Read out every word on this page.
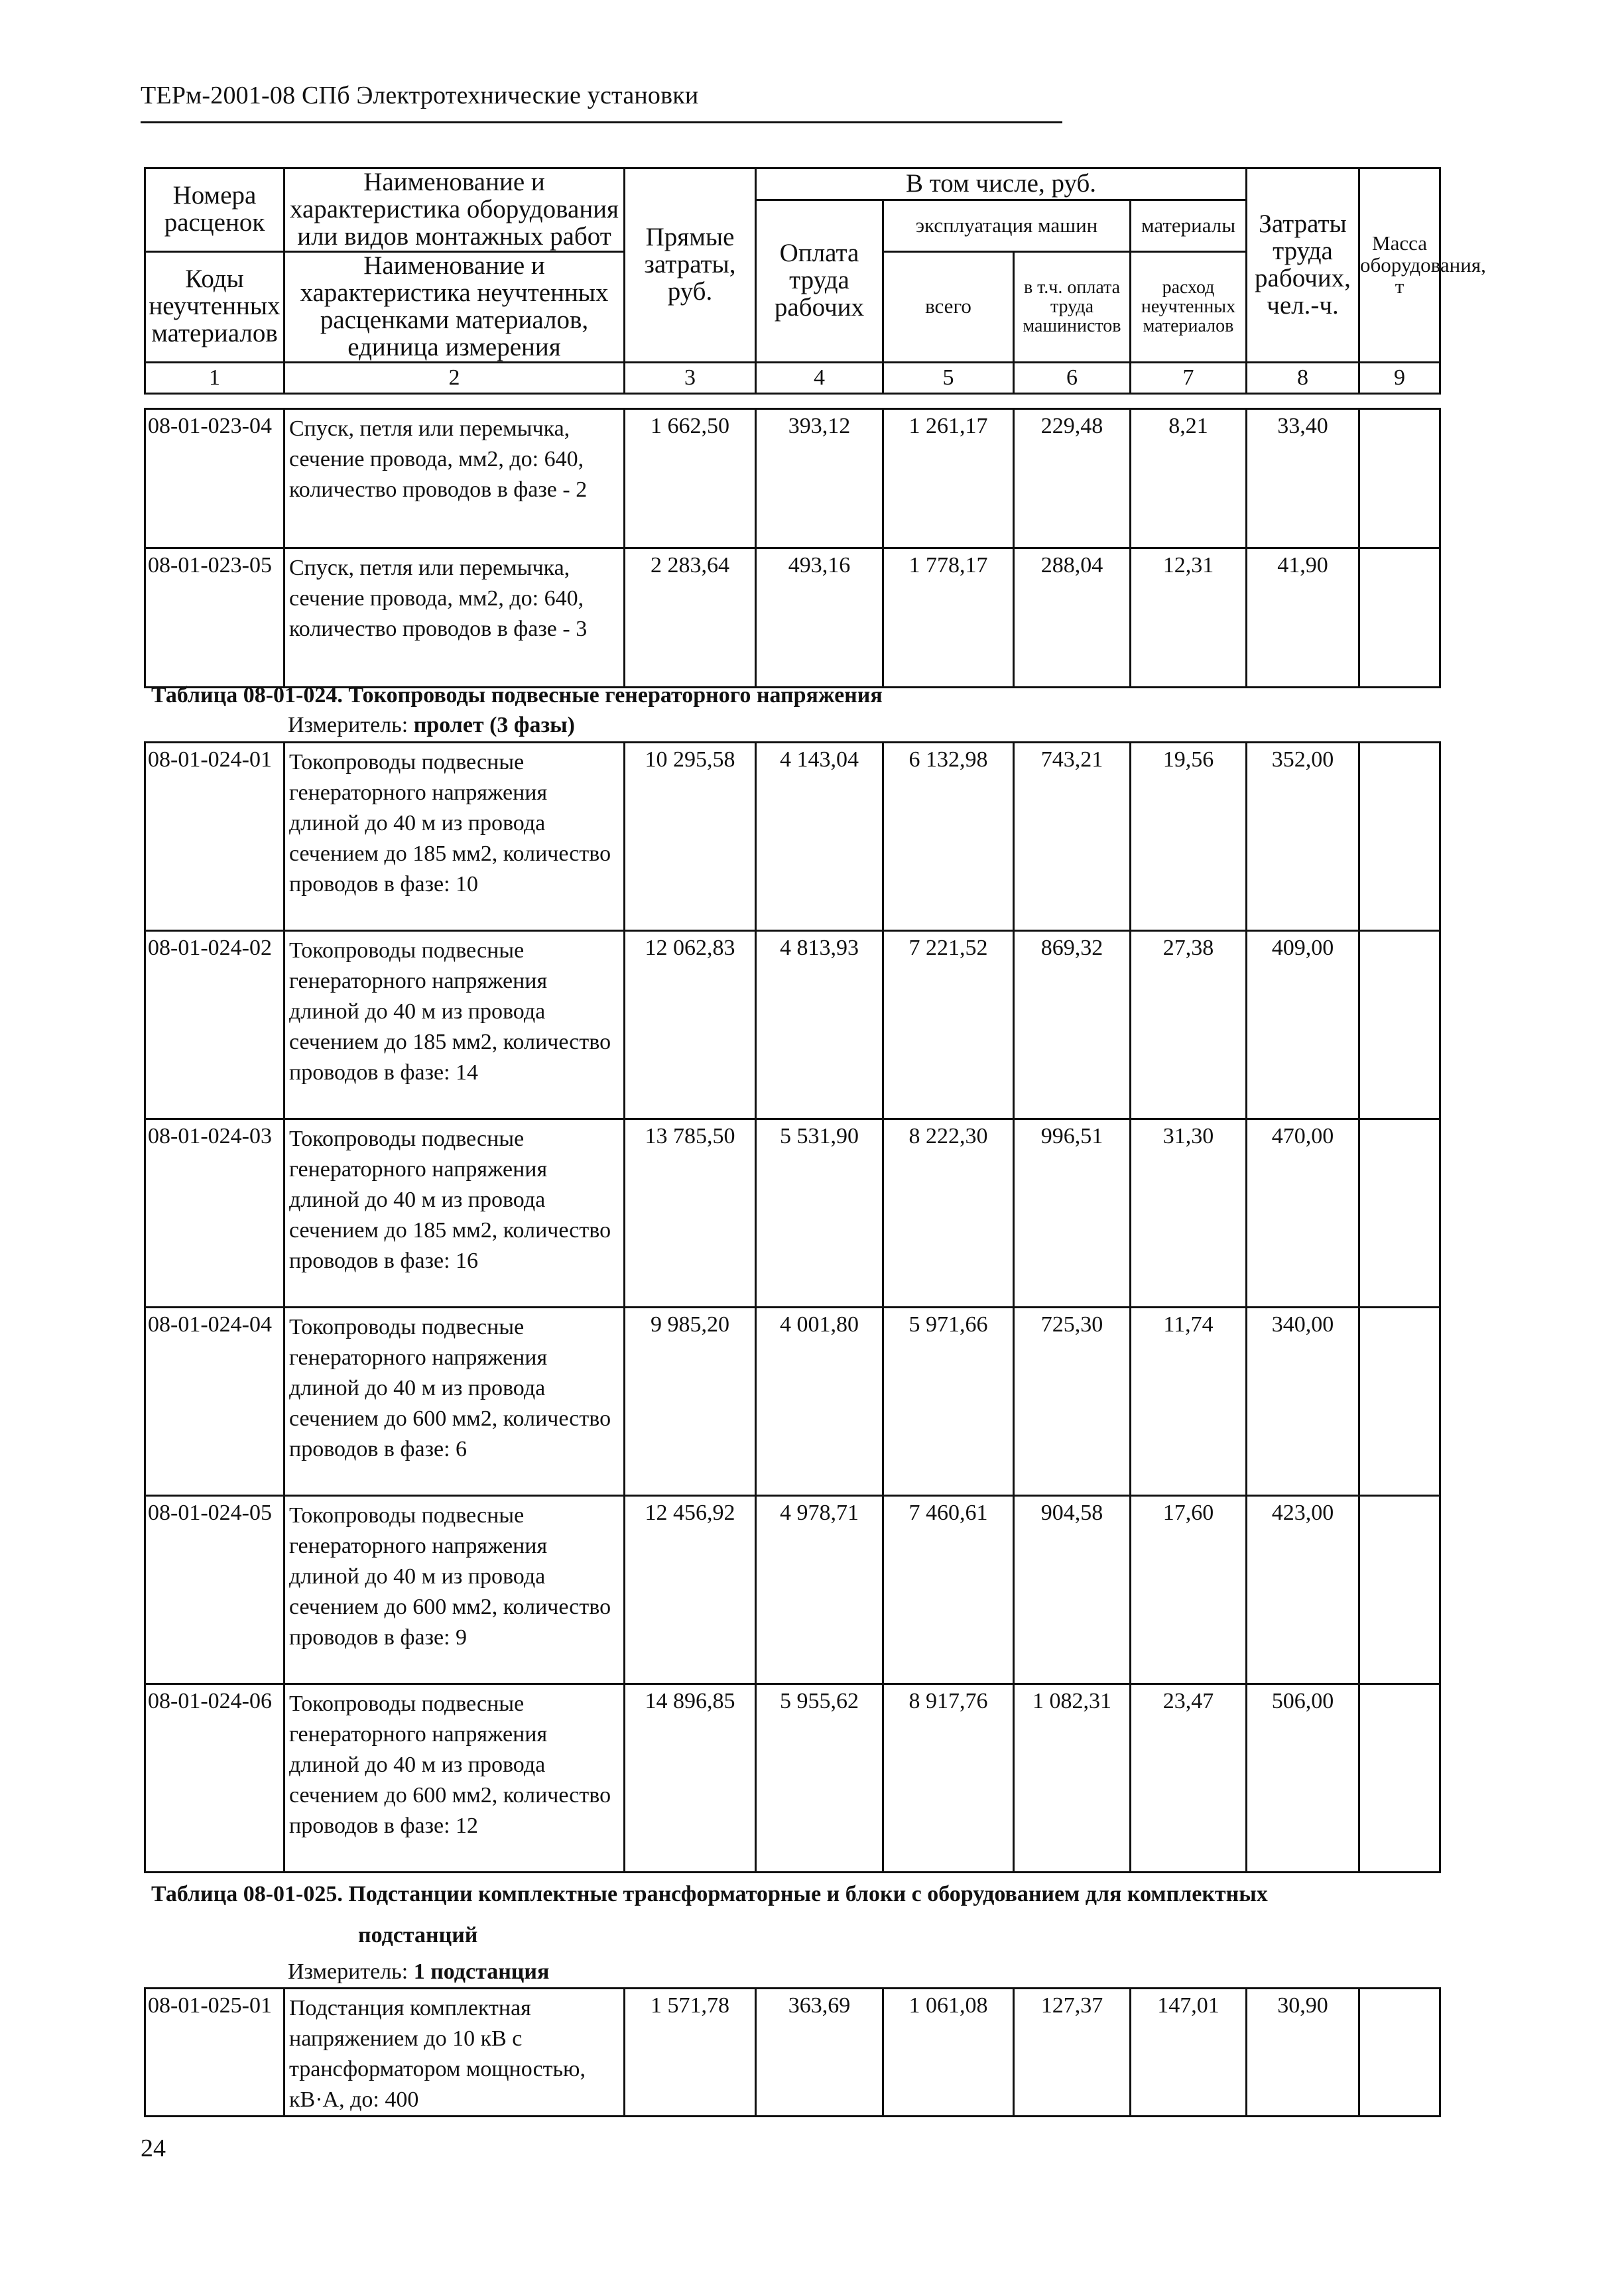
ТЕРм-2001-08 СПб Электротехнические установки
Номера расценок	Наименование и характеристика оборудования или видов монтажных работ	Прямые затраты, руб.	В том числе, руб.				Затраты труда рабочих, чел.-ч.	Масса оборудования, т
			Оплата труда рабочих	эксплуатация машин		материалы		
Коды неучтенных материалов	Наименование и характеристика неучтенных расценками материалов, единица измерения			всего	в т.ч. оплата труда машинистов	расход неучтенных материалов		

1	2	3	4	5	6	7	8	9
08-01-023-04	Спуск, петля или перемычка, сечение провода, мм2, до: 640, количество проводов в фазе - 2	1 662,50	393,12	1 261,17	229,48	8,21	33,40	
08-01-023-05	Спуск, петля или перемычка, сечение провода, мм2, до: 640, количество проводов в фазе - 3	2 283,64	493,16	1 778,17	288,04	12,31	41,90	
Таблица 08-01-024. Токопроводы подвесные генераторного напряжения
Измеритель: пролет (3 фазы)
08-01-024-01	Токопроводы подвесные генераторного напряжения длиной до 40 м из провода сечением до 185 мм2, количество проводов в фазе: 10	10 295,58	4 143,04	6 132,98	743,21	19,56	352,00	
08-01-024-02	Токопроводы подвесные генераторного напряжения длиной до 40 м из провода сечением до 185 мм2, количество проводов в фазе: 14	12 062,83	4 813,93	7 221,52	869,32	27,38	409,00	
08-01-024-03	Токопроводы подвесные генераторного напряжения длиной до 40 м из провода сечением до 185 мм2, количество проводов в фазе: 16	13 785,50	5 531,90	8 222,30	996,51	31,30	470,00	
08-01-024-04	Токопроводы подвесные генераторного напряжения длиной до 40 м из провода сечением до 600 мм2, количество проводов в фазе: 6	9 985,20	4 001,80	5 971,66	725,30	11,74	340,00	
08-01-024-05	Токопроводы подвесные генераторного напряжения длиной до 40 м из провода сечением до 600 мм2, количество проводов в фазе: 9	12 456,92	4 978,71	7 460,61	904,58	17,60	423,00	
08-01-024-06	Токопроводы подвесные генераторного напряжения длиной до 40 м из провода сечением до 600 мм2, количество проводов в фазе: 12	14 896,85	5 955,62	8 917,76	1 082,31	23,47	506,00	
Таблица 08-01-025. Подстанции комплектные трансформаторные и блоки с оборудованием для комплектных
подстанций
Измеритель: 1 подстанция
08-01-025-01	Подстанция комплектная напряжением до 10 кВ с трансформатором мощностью, кВ·А, до: 400	1 571,78	363,69	1 061,08	127,37	147,01	30,90	
24
